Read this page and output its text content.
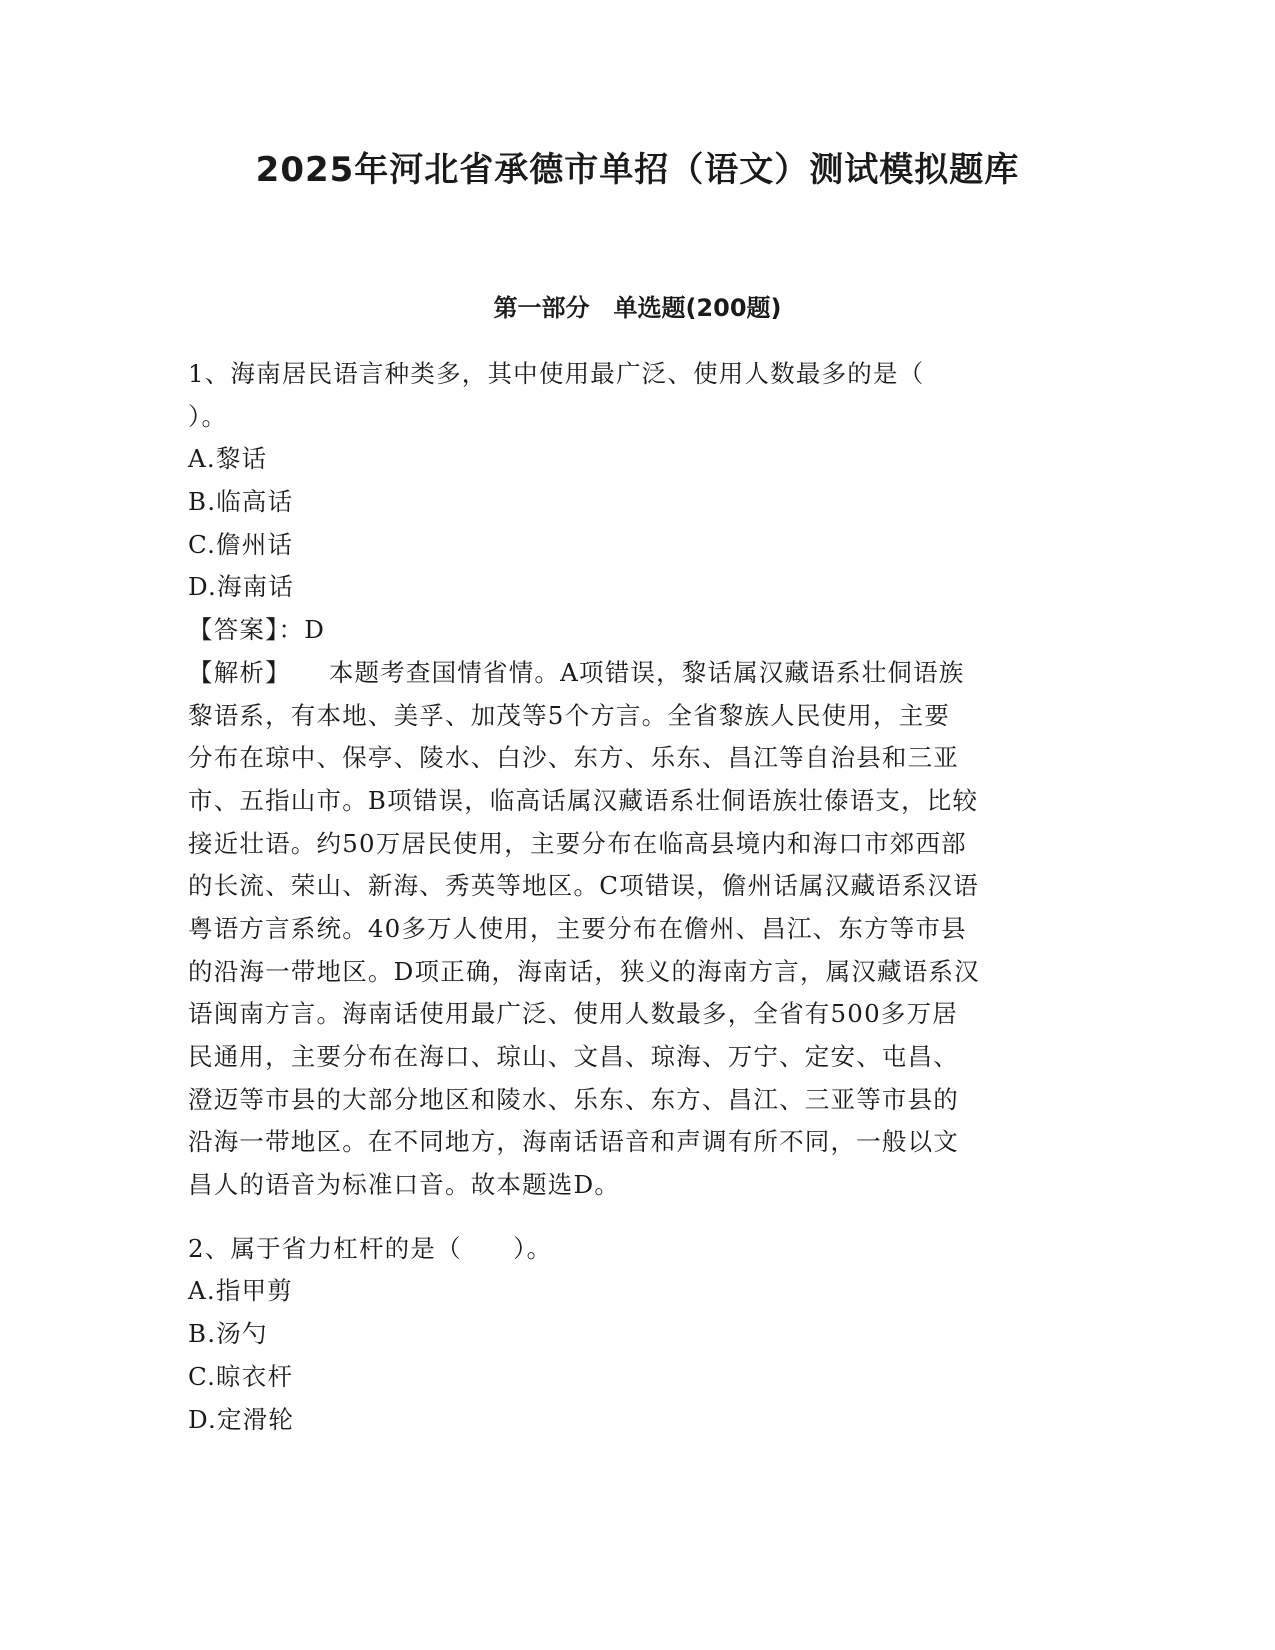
2025年河北省承德市单招（语文）测试模拟题库
第一部分　单选题(200题)
1、海南居民语言种类多，其中使用最广泛、使用人数最多的是（
）。
A.黎话
B.临高话
C.儋州话
D.海南话
【答案】：D
【解析】 本题考查国情省情。A项错误，黎话属汉藏语系壮侗语族
黎语系，有本地、美孚、加茂等5个方言。全省黎族人民使用，主要
分布在琼中、保亭、陵水、白沙、东方、乐东、昌江等自治县和三亚
市、五指山市。B项错误，临高话属汉藏语系壮侗语族壮傣语支，比较
接近壮语。约50万居民使用，主要分布在临高县境内和海口市郊西部
的长流、荣山、新海、秀英等地区。C项错误，儋州话属汉藏语系汉语
粤语方言系统。40多万人使用，主要分布在儋州、昌江、东方等市县
的沿海一带地区。D项正确，海南话，狭义的海南方言，属汉藏语系汉
语闽南方言。海南话使用最广泛、使用人数最多，全省有500多万居
民通用，主要分布在海口、琼山、文昌、琼海、万宁、定安、屯昌、
澄迈等市县的大部分地区和陵水、乐东、东方、昌江、三亚等市县的
沿海一带地区。在不同地方，海南话语音和声调有所不同，一般以文
昌人的语音为标准口音。故本题选D。
2、属于省力杠杆的是（　　）。
A.指甲剪
B.汤勺
C.晾衣杆
D.定滑轮
